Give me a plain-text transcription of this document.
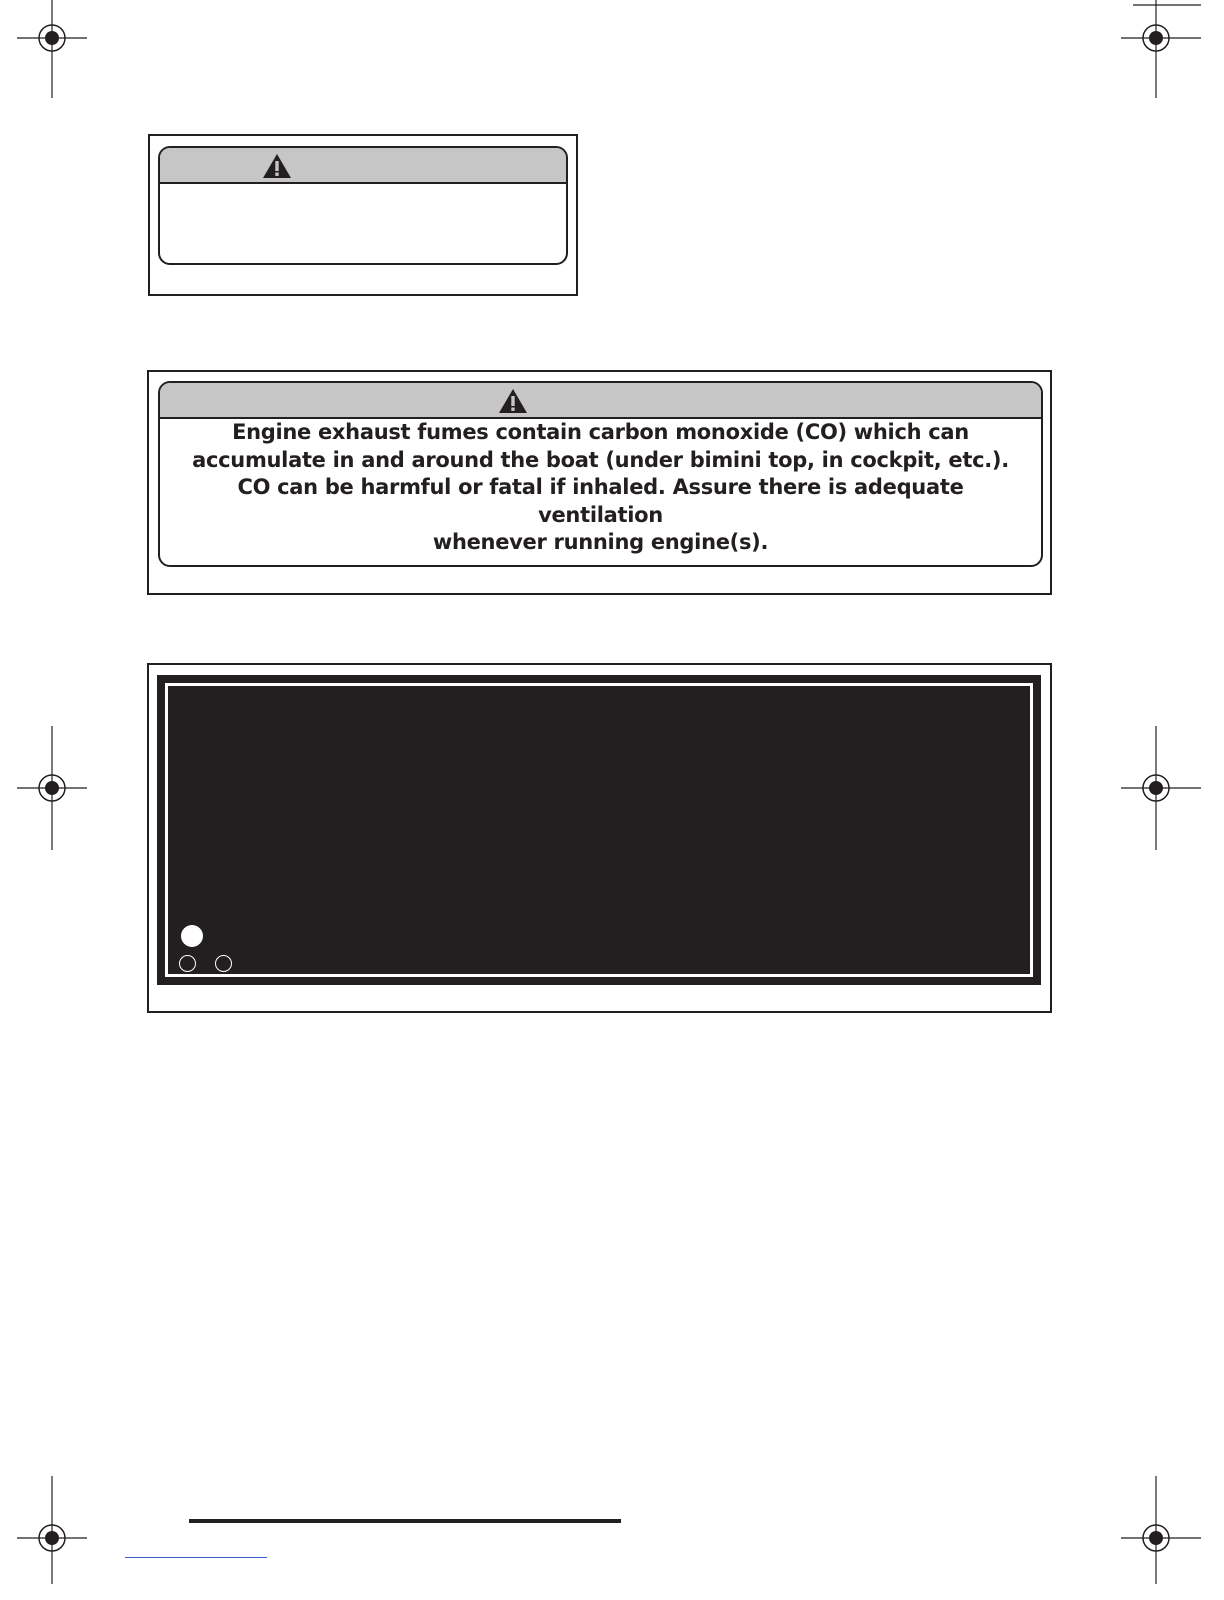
Engine exhaust fumes contain carbon monoxide (CO) which can
accumulate in and around the boat (under bimini top, in cockpit, etc.).
CO can be harmful or fatal if inhaled. Assure there is adequate ventilation
whenever running engine(s).
